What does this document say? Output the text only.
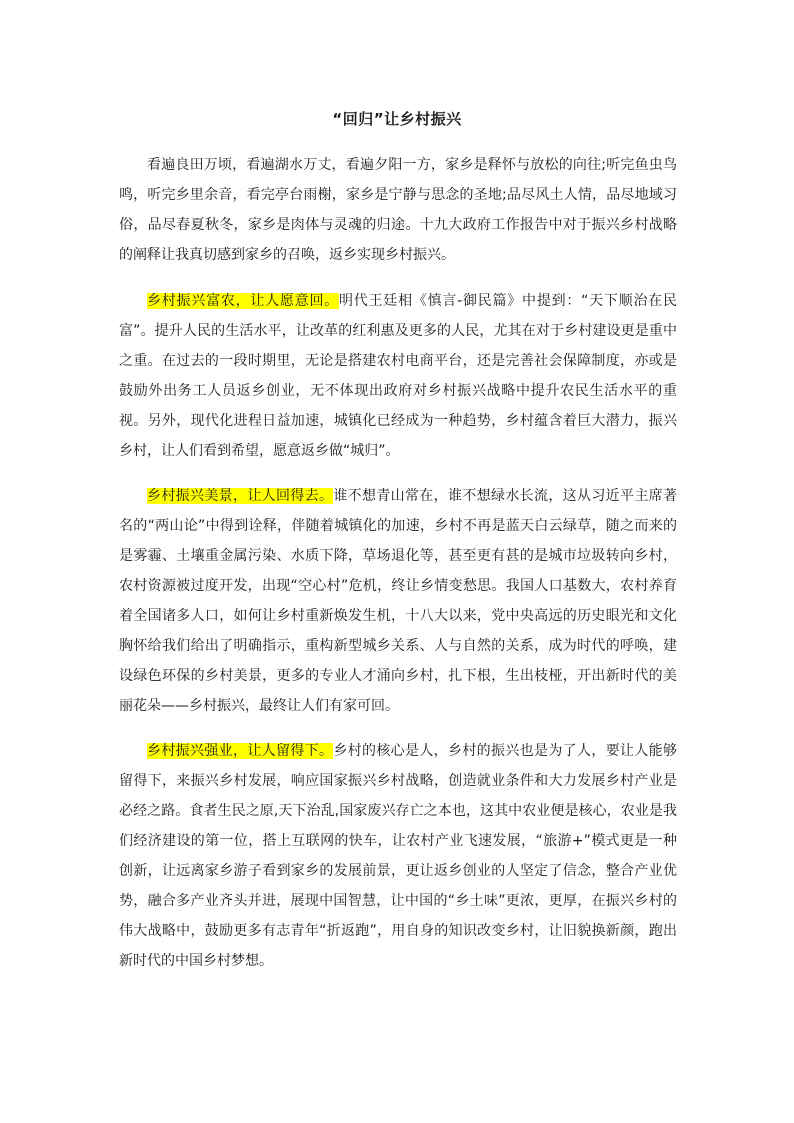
“回归”让乡村振兴

看遍良田万顷，看遍湖水万丈，看遍夕阳一方，家乡是释怀与放松的向往;听完鱼虫鸟鸣，听完乡里余音，看完亭台雨榭，家乡是宁静与思念的圣地;品尽风土人情，品尽地域习俗，品尽春夏秋冬，家乡是肉体与灵魂的归途。十九大政府工作报告中对于振兴乡村战略的阐释让我真切感到家乡的召唤，返乡实现乡村振兴。

乡村振兴富农，让人愿意回。明代王廷相《慎言-御民篇》中提到：“天下顺治在民富”。提升人民的生活水平，让改革的红利惠及更多的人民，尤其在对于乡村建设更是重中之重。在过去的一段时期里，无论是搭建农村电商平台，还是完善社会保障制度，亦或是鼓励外出务工人员返乡创业，无不体现出政府对乡村振兴战略中提升农民生活水平的重视。另外，现代化进程日益加速，城镇化已经成为一种趋势，乡村蕴含着巨大潜力，振兴乡村，让人们看到希望，愿意返乡做“城归”。

乡村振兴美景，让人回得去。谁不想青山常在，谁不想绿水长流，这从习近平主席著名的“两山论”中得到诠释，伴随着城镇化的加速，乡村不再是蓝天白云绿草，随之而来的是雾霾、土壤重金属污染、水质下降，草场退化等，甚至更有甚的是城市垃圾转向乡村，农村资源被过度开发，出现“空心村”危机，终让乡情变愁思。我国人口基数大，农村养育着全国诸多人口，如何让乡村重新焕发生机，十八大以来，党中央高远的历史眼光和文化胸怀给我们给出了明确指示，重构新型城乡关系、人与自然的关系，成为时代的呼唤，建设绿色环保的乡村美景，更多的专业人才涌向乡村，扎下根，生出枝桠，开出新时代的美丽花朵——乡村振兴，最终让人们有家可回。

乡村振兴强业，让人留得下。乡村的核心是人，乡村的振兴也是为了人，要让人能够留得下，来振兴乡村发展，响应国家振兴乡村战略，创造就业条件和大力发展乡村产业是必经之路。食者生民之原,天下治乱,国家废兴存亡之本也，这其中农业便是核心，农业是我们经济建设的第一位，搭上互联网的快车，让农村产业飞速发展，“旅游+”模式更是一种创新，让远离家乡游子看到家乡的发展前景，更让返乡创业的人坚定了信念，整合产业优势，融合多产业齐头并进，展现中国智慧，让中国的“乡土味”更浓，更厚，在振兴乡村的伟大战略中，鼓励更多有志青年“折返跑”，用自身的知识改变乡村，让旧貌换新颜，跑出新时代的中国乡村梦想。
